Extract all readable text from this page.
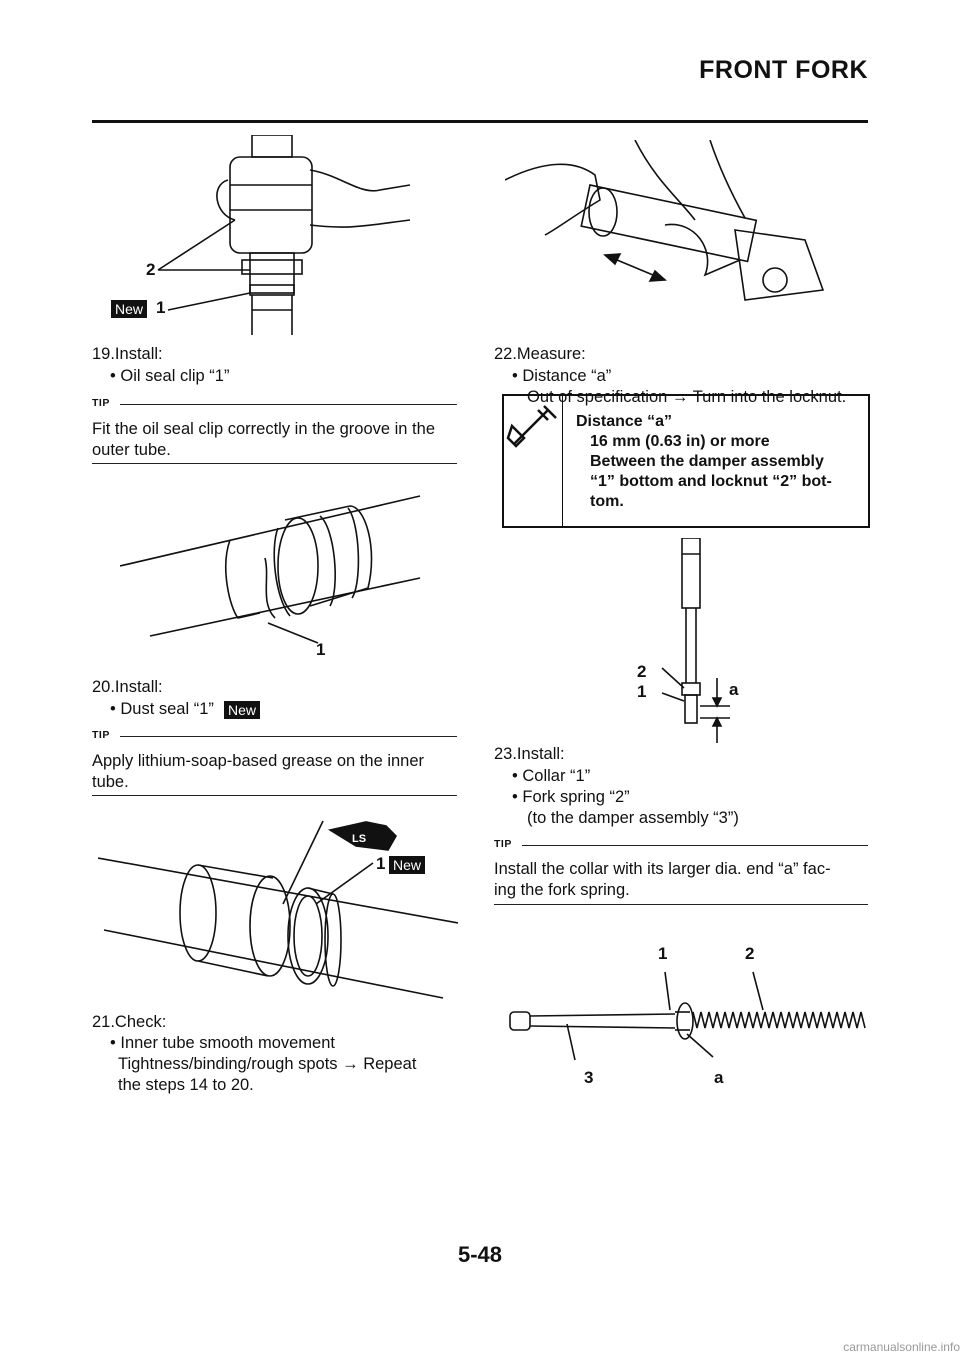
FRONT FORK
2
New 1
19.Install:
• Oil seal clip “1”
TIP
Fit the oil seal clip correctly in the groove in the
outer tube.
1
20.Install:
• Dust seal “1” New
TIP
Apply lithium-soap-based grease on the inner
tube.
LS
1 New
21.Check:
• Inner tube smooth movement
Tightness/binding/rough spots → Repeat
the steps 14 to 20.
22.Measure:
• Distance “a”
Out of specification → Turn into the locknut.
Distance “a”
16 mm (0.63 in) or more
Between the damper assembly
“1” bottom and locknut “2” bot-
tom.
2
1	a
23.Install:
• Collar “1”
• Fork spring “2”
(to the damper assembly “3”)
TIP
Install the collar with its larger dia. end “a” fac-
ing the fork spring.
1	2
3	a
5-48
carmanualsonline.info
